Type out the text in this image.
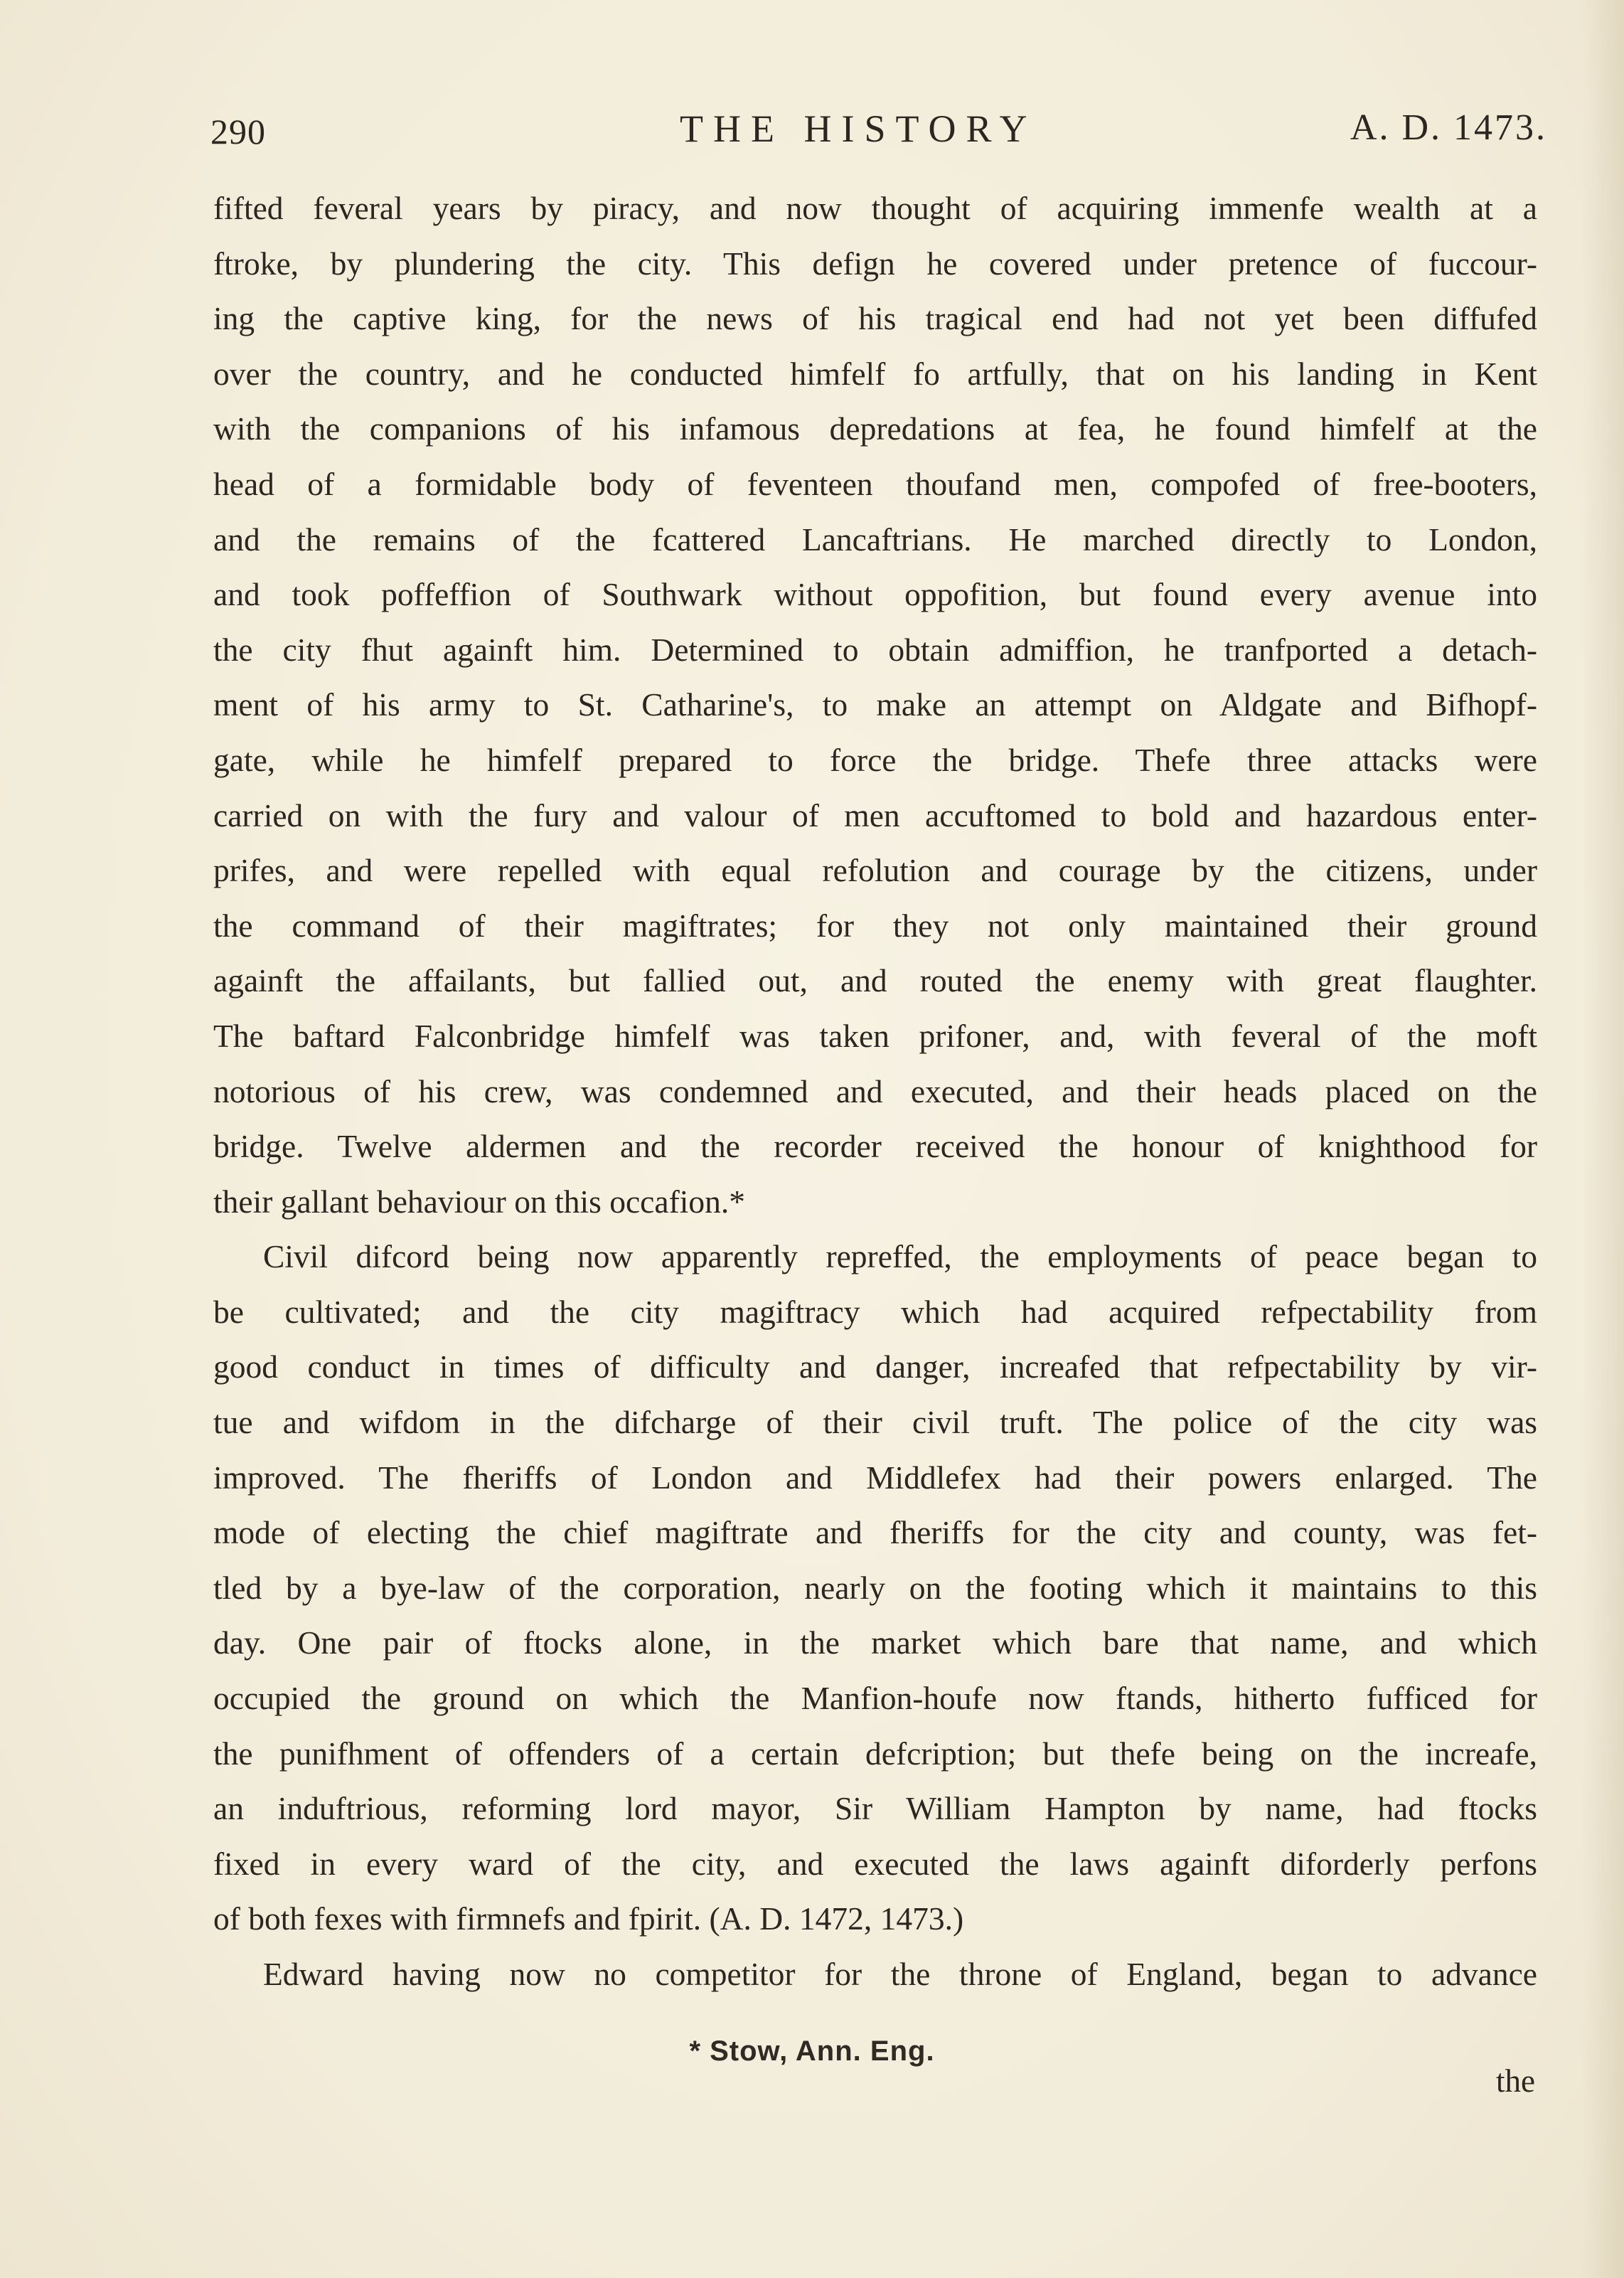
290	THE HISTORY	A. D. 1473.
fifted feveral years by piracy, and now thought of acquiring immenfe wealth at a
ftroke, by plundering the city. This defign he covered under pretence of fuccour-
ing the captive king, for the news of his tragical end had not yet been diffufed
over the country, and he conducted himfelf fo artfully, that on his landing in Kent
with the companions of his infamous depredations at fea, he found himfelf at the
head of a formidable body of feventeen thoufand men, compofed of free-booters,
and the remains of the fcattered Lancaftrians. He marched directly to London,
and took poffeffion of Southwark without oppofition, but found every avenue into
the city fhut againft him. Determined to obtain admiffion, he tranfported a detach-
ment of his army to St. Catharine's, to make an attempt on Aldgate and Bifhopf-
gate, while he himfelf prepared to force the bridge. Thefe three attacks were
carried on with the fury and valour of men accuftomed to bold and hazardous enter-
prifes, and were repelled with equal refolution and courage by the citizens, under
the command of their magiftrates; for they not only maintained their ground
againft the affailants, but fallied out, and routed the enemy with great flaughter.
The baftard Falconbridge himfelf was taken prifoner, and, with feveral of the moft
notorious of his crew, was condemned and executed, and their heads placed on the
bridge. Twelve aldermen and the recorder received the honour of knighthood for
their gallant behaviour on this occafion.*
Civil difcord being now apparently repreffed, the employments of peace began to
be cultivated; and the city magiftracy which had acquired refpectability from
good conduct in times of difficulty and danger, increafed that refpectability by vir-
tue and wifdom in the difcharge of their civil truft. The police of the city was
improved. The fheriffs of London and Middlefex had their powers enlarged. The
mode of electing the chief magiftrate and fheriffs for the city and county, was fet-
tled by a bye-law of the corporation, nearly on the footing which it maintains to this
day. One pair of ftocks alone, in the market which bare that name, and which
occupied the ground on which the Manfion-houfe now ftands, hitherto fufficed for
the punifhment of offenders of a certain defcription; but thefe being on the increafe,
an induftrious, reforming lord mayor, Sir William Hampton by name, had ftocks
fixed in every ward of the city, and executed the laws againft diforderly perfons
of both fexes with firmnefs and fpirit. (A. D. 1472, 1473.)
Edward having now no competitor for the throne of England, began to advance
* Stow, Ann. Eng.
the
